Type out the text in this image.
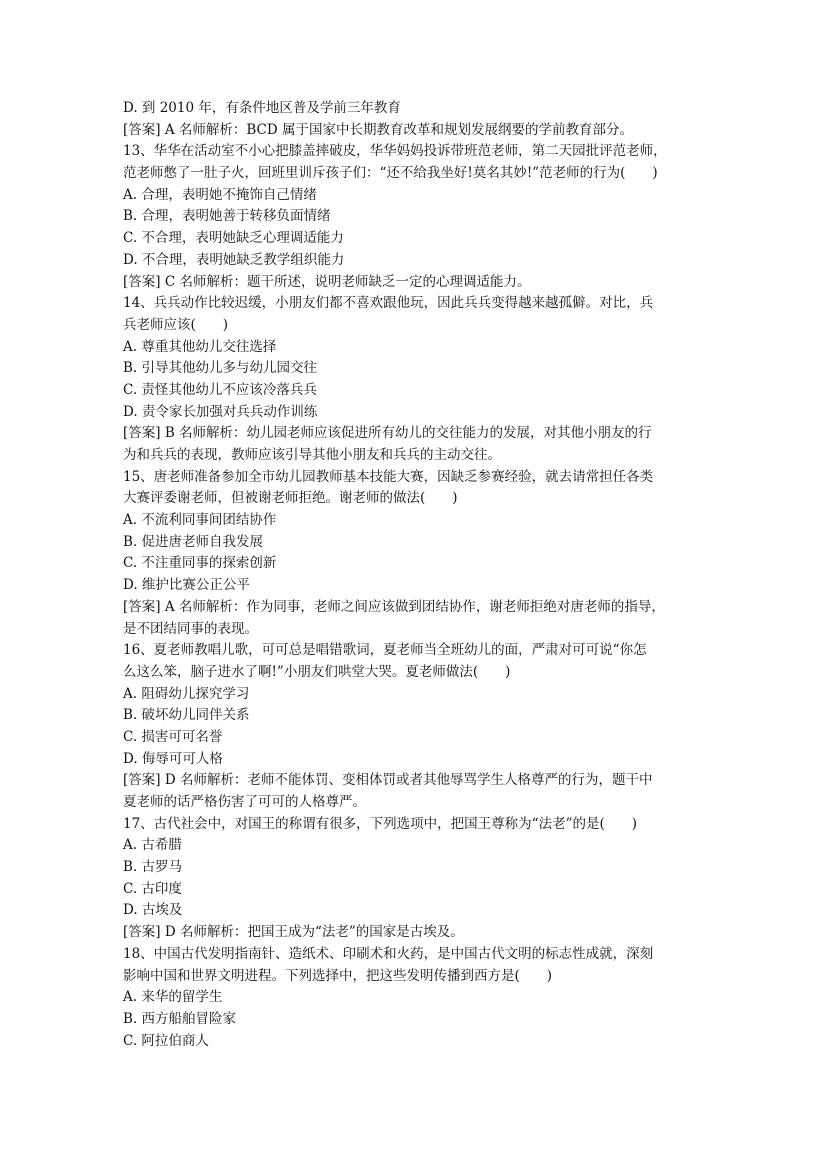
D. 到 2010 年，有条件地区普及学前三年教育
[答案] A 名师解析：BCD 属于国家中长期教育改革和规划发展纲要的学前教育部分。
13、华华在活动室不小心把膝盖摔破皮，华华妈妈投诉带班范老师，第二天园批评范老师，
范老师憋了一肚子火，回班里训斥孩子们：“还不给我坐好!莫名其妙!”范老师的行为(　　)
A. 合理，表明她不掩饰自己情绪
B. 合理，表明她善于转移负面情绪
C. 不合理，表明她缺乏心理调适能力
D. 不合理，表明她缺乏教学组织能力
[答案] C 名师解析：题干所述，说明老师缺乏一定的心理调适能力。
14、兵兵动作比较迟缓，小朋友们都不喜欢跟他玩，因此兵兵变得越来越孤僻。对比，兵
兵老师应该(　　)
A. 尊重其他幼儿交往选择
B. 引导其他幼儿多与幼儿园交往
C. 责怪其他幼儿不应该冷落兵兵
D. 责令家长加强对兵兵动作训练
[答案] B 名师解析：幼儿园老师应该促进所有幼儿的交往能力的发展，对其他小朋友的行
为和兵兵的表现，教师应该引导其他小朋友和兵兵的主动交往。
15、唐老师准备参加全市幼儿园教师基本技能大赛，因缺乏参赛经验，就去请常担任各类
大赛评委谢老师，但被谢老师拒绝。谢老师的做法(　　)
A. 不流利同事间团结协作
B. 促进唐老师自我发展
C. 不注重同事的探索创新
D. 维护比赛公正公平
[答案] A 名师解析：作为同事，老师之间应该做到团结协作，谢老师拒绝对唐老师的指导，
是不团结同事的表现。
16、夏老师教唱儿歌，可可总是唱错歌词，夏老师当全班幼儿的面，严肃对可可说“你怎
么这么笨，脑子进水了啊!”小朋友们哄堂大哭。夏老师做法(　　)
A. 阻碍幼儿探究学习
B. 破坏幼儿同伴关系
C. 损害可可名誉
D. 侮辱可可人格
[答案] D 名师解析：老师不能体罚、变相体罚或者其他辱骂学生人格尊严的行为，题干中
夏老师的话严格伤害了可可的人格尊严。
17、古代社会中，对国王的称谓有很多，下列选项中，把国王尊称为“法老”的是(　　)
A. 古希腊
B. 古罗马
C. 古印度
D. 古埃及
[答案] D 名师解析：把国王成为“法老”的国家是古埃及。
18、中国古代发明指南针、造纸术、印刷术和火药，是中国古代文明的标志性成就，深刻
影响中国和世界文明进程。下列选择中，把这些发明传播到西方是(　　)
A. 来华的留学生
B. 西方船舶冒险家
C. 阿拉伯商人
